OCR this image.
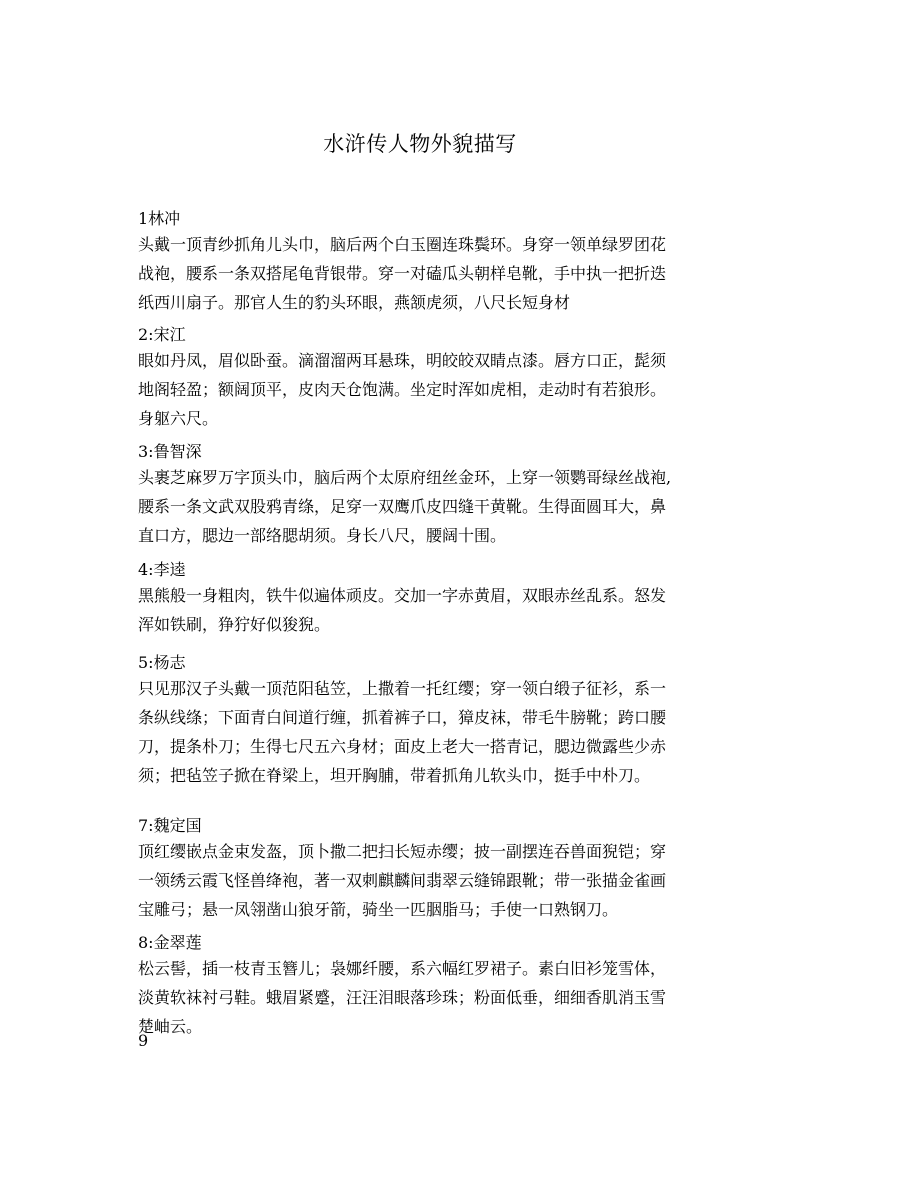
水浒传人物外貌描写
1林冲
头戴一顶青纱抓角儿头巾，脑后两个白玉圈连珠鬓环。身穿一领单绿罗团花
战袍，腰系一条双搭尾龟背银带。穿一对磕瓜头朝样皂靴，手中执一把折迭
纸西川扇子。那官人生的豹头环眼，燕颔虎须，八尺长短身材
2:宋江
眼如丹凤，眉似卧蚕。滴溜溜两耳悬珠，明皎皎双睛点漆。唇方口正，髭须
地阁轻盈；额阔顶平，皮肉天仓饱满。坐定时浑如虎相，走动时有若狼形。
身躯六尺。
3:鲁智深
头裹芝麻罗万字顶头巾，脑后两个太原府纽丝金环，上穿一领鹦哥绿丝战袍,
腰系一条文武双股鸦青绦，足穿一双鹰爪皮四缝干黄靴。生得面圆耳大，鼻
直口方，腮边一部络腮胡须。身长八尺，腰阔十围。
4:李逵
黑熊般一身粗肉，铁牛似遍体顽皮。交加一字赤黄眉，双眼赤丝乱系。怒发
浑如铁刷，狰狞好似狻猊。
5:杨志
只见那汉子头戴一顶范阳毡笠，上撒着一托红缨；穿一领白缎子征衫，系一
条纵线绦；下面青白间道行缠，抓着裤子口，獐皮袜，带毛牛膀靴；跨口腰
刀，提条朴刀；生得七尺五六身材；面皮上老大一搭青记，腮边微露些少赤
须；把毡笠子掀在脊梁上，坦开胸脯，带着抓角儿软头巾，挺手中朴刀。
7:魏定国
顶红缨嵌点金束发盔，顶卜撒二把扫长短赤缨；披一副摆连吞兽面猊铠；穿
一领绣云霞飞怪兽绛袍，著一双刺麒麟间翡翠云缝锦跟靴；带一张描金雀画
宝雕弓；悬一凤翎凿山狼牙箭，骑坐一匹胭脂马；手使一口熟钢刀。
8:金翠莲
松云髻，插一枝青玉簪儿；袅娜纤腰，系六幅红罗裙子。素白旧衫笼雪体，
淡黄软袜衬弓鞋。蛾眉紧蹙，汪汪泪眼落珍珠；粉面低垂，细细香肌消玉雪
楚岫云。
9
